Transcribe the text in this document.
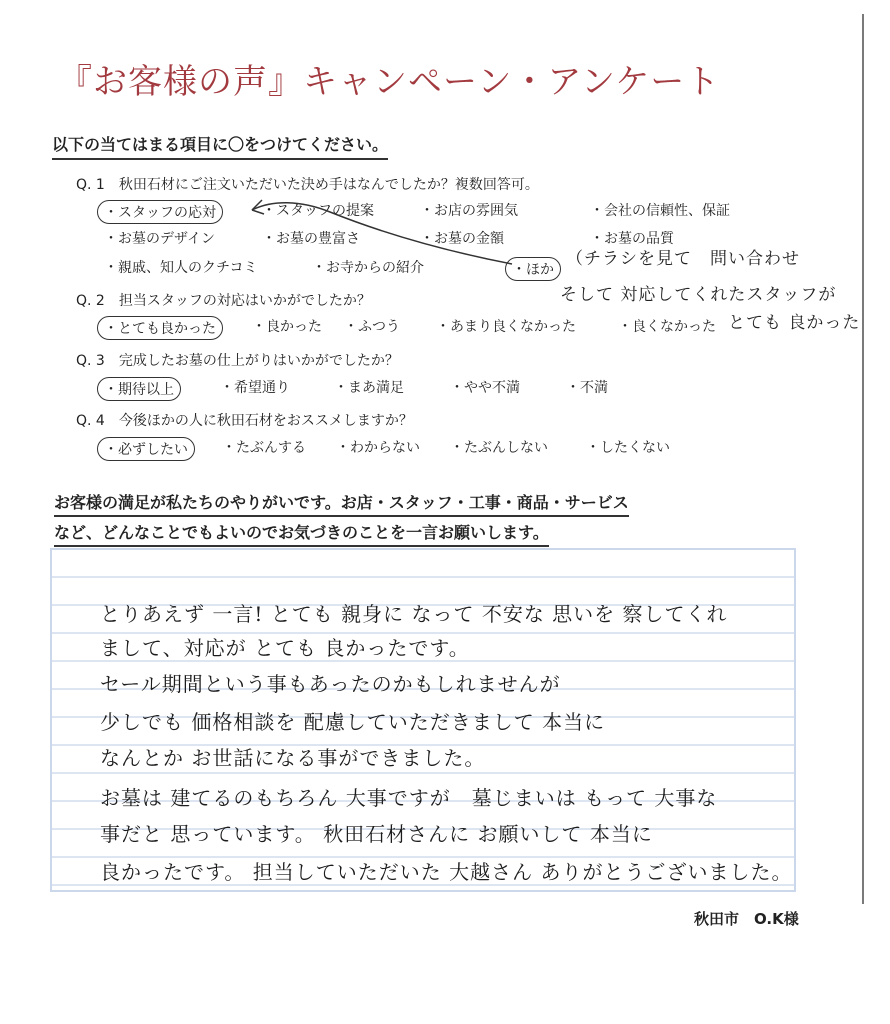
『お客様の声』キャンペーン・アンケート
以下の当てはまる項目に〇をつけてください。
Q. 1　秋田石材にご注文いただいた決め手はなんでしたか？複数回答可。
・スタッフの応対	・スタッフの提案	・お店の雰囲気	・会社の信頼性、保証
・お墓のデザイン	・お墓の豊富さ	・お墓の金額	・お墓の品質
・親戚、知人のクチコミ	・お寺からの紹介	・ほか
（チラシを見て　問い合わせ
そして 対応してくれたスタッフが
とても 良かった
Q. 2　担当スタッフの対応はいかがでしたか？
・とても良かった	・良かった ・ふつう	・あまり良くなかった	・良くなかった
Q. 3　完成したお墓の仕上がりはいかがでしたか？
・期待以上	・希望通り	・まあ満足	・やや不満	・不満
Q. 4　今後ほかの人に秋田石材をおススメしますか？
・必ずしたい	・たぶんする ・わからない ・たぶんしない	・したくない
お客様の満足が私たちのやりがいです。お店・スタッフ・工事・商品・サービス
など、どんなことでもよいのでお気づきのことを一言お願いします。
とりあえず 一言! とても 親身に なって 不安な 思いを 察してくれ
まして、対応が とても 良かったです。
セール期間という事もあったのかもしれませんが
少しでも 価格相談を 配慮していただきまして 本当に
なんとか お世話になる事ができました。
お墓は 建てるのもちろん 大事ですが　墓じまいは もって 大事な
事だと 思っています。 秋田石材さんに お願いして 本当に
良かったです。 担当していただいた 大越さん ありがとうございました。
秋田市　O.K様
